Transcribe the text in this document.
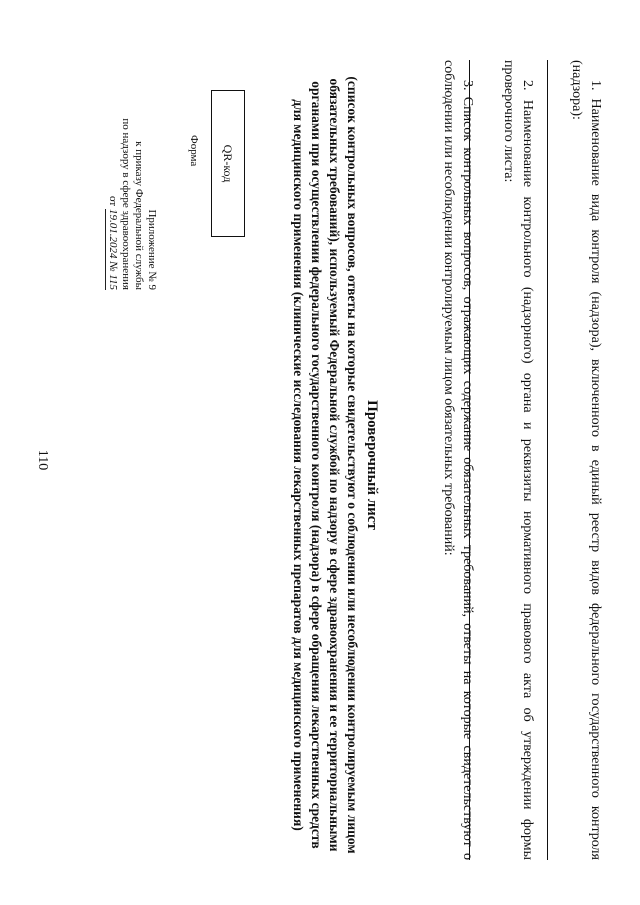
110
Приложение № 9
к приказу Федеральной службы
по надзору в сфере здравоохранения
от 19.01.2024 № 115
Форма QR-код
Проверочный лист
(список контрольных вопросов, ответы на которые свидетельствуют о соблюдении или несоблюдении контролируемым лицом обязательных требований), используемый Федеральной службой по надзору в сфере здравоохранения и ее территориальными органами при осуществлении федерального государственного контроля (надзора) в сфере обращения лекарственных средств для медицинского применения (клинические исследования лекарственных препаратов для медицинского применения)	1. Наименование вида контроля (надзора), включенного в единый реестр видов федерального государственного контроля (надзора):
2. Наименование контрольного (надзорного) органа и реквизиты нормативного правового акта об утверждении формы проверочного листа:
3. Список контрольных вопросов, отражающих содержание обязательных требований, ответы на которые свидетельствуют о соблюдении или несоблюдении контролируемым лицом обязательных требований:
